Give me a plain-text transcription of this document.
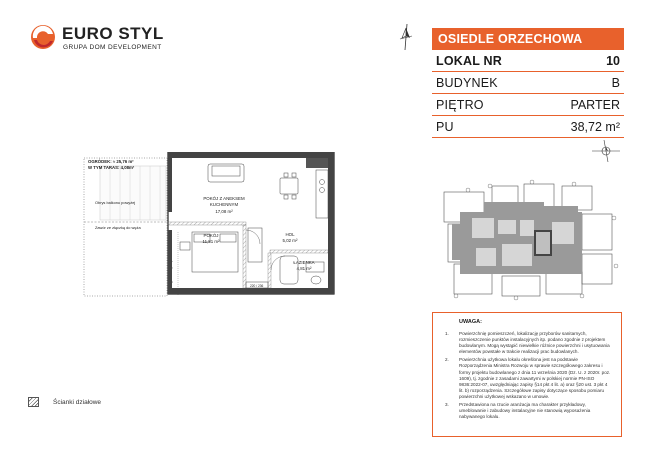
EURO STYL
GRUPA DOM DEVELOPMENT
OSIEDLE ORZECHOWA
LOKAL NR	10
BUDYNEK	B
PIĘTRO	PARTER
PU	38,72 m²
OGRÓDEK: ≈ 25,76 m²
W TYM TARAS: 4,08m²
Obrys balkonu powyżej
Zawór ze złączką do węża
POKÓJ Z ANEKSEM
KUCHENNYM
17,08 m²
POKÓJ
11,81 m²
HOL
5,02 m²
ŁAZIENKA
4,81 m²
220 / 236
UWAGA:
1. Powierzchnię pomieszczeń, lokalizację przyborów sanitarnych, rozmieszczenie punktów instalacyjnych itp. podano zgodnie z projektem budowlanym. Mogą wystąpić niewielkie różnice powierzchni i usytuowania elementów powstałe w trakcie realizacji prac budowlanych.
2. Powierzchnia użytkowa lokalu określona jest na podstawie Rozporządzenia Ministra Rozwoju w sprawie szczegółowego zakresu i formy projektu budowlanego z dnia 11 września 2020 (Dz. U. z 2020r. poz. 1609), tj. zgodnie z zasadami zawartymi w polskiej normie PN-ISO 9836:2022-07, uwzględniając zapisy §14 pkt 4 lit. a) oraz §20 ust. 3 pkt 4 lit. b) rozporządzenia. Szczegółowe zapisy dotyczące sposobu pomiaru powierzchni użytkowej wskazano w umowie.
3. Przedstawiona na rzucie aranżacja ma charakter przykładowy, umeblowanie i zabudowy instalacyjne nie stanowią wyposażenia nabywanego lokalu.
Ścianki działowe
